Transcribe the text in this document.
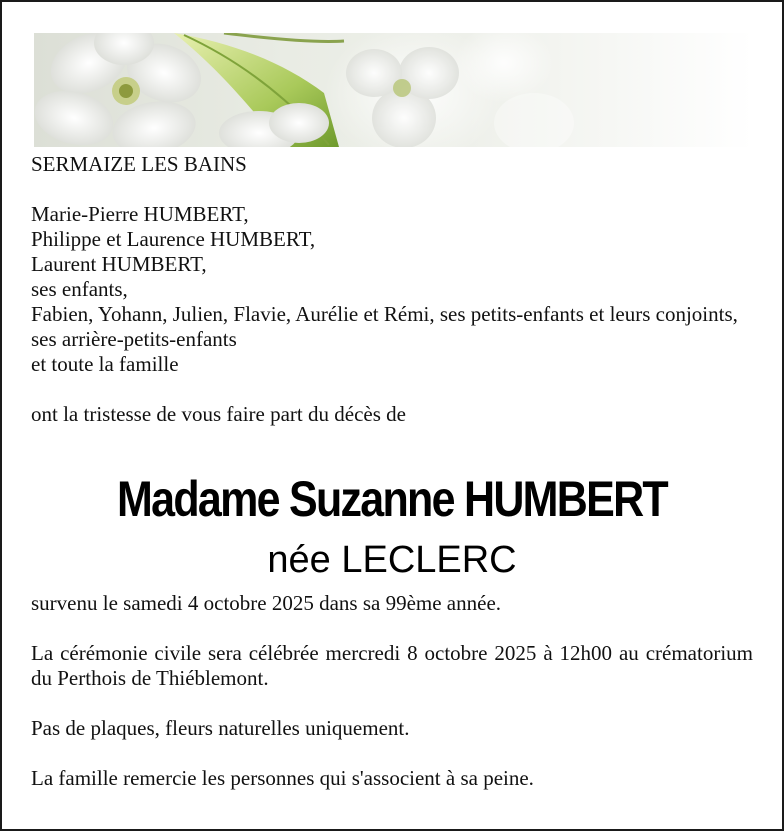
SERMAIZE LES BAINS

Marie-Pierre HUMBERT,

Philippe et Laurence HUMBERT,

Laurent HUMBERT,

ses enfants,

Fabien, Yohann, Julien, Flavie, Aurélie et Rémi, ses petits-enfants et leurs conjoints,

ses arrière-petits-enfants

et toute la famille

ont la tristesse de vous faire part du décès de

Madame Suzanne HUMBERT
née LECLERC

survenu le samedi 4 octobre 2025 dans sa 99ème année.

La cérémonie civile sera célébrée mercredi 8 octobre 2025 à 12h00 au crématorium du Perthois de Thiéblemont.

Pas de plaques, fleurs naturelles uniquement.

La famille remercie les personnes qui s'associent à sa peine.
